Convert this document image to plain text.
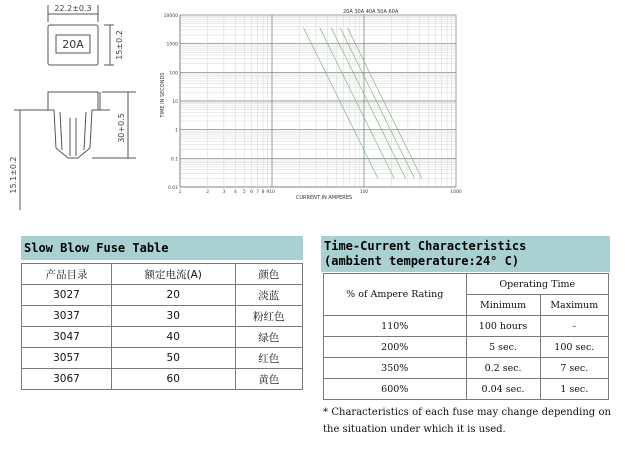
22.2±0.3
20A	15±0.2
30+0.5
15.1±0.2
10000
1000
100
10
1
0.1
0.01
1	2	3 4 5 6 7 8 9 10	100	1000
20A 30A 40A 50A 60A
TIME IN SECONDS
CURRENT IN AMPERES
Slow Blow Fuse Table
产品目录	额定电流(A)	颜色
3027	20	淡蓝
3037	30	粉红色
3047	40	绿色
3057	50	红色
3067	60	黄色
Time-Current Characteristics
(ambient temperature:24° C)
% of Ampere Rating	Operating Time	
	Minimum	Maximum
110%	100 hours	-
200%	5 sec.	100 sec.
350%	0.2 sec.	7 sec.
600%	0.04 sec.	1 sec.
* Characteristics of each fuse may change depending on the situation under which it is used.
